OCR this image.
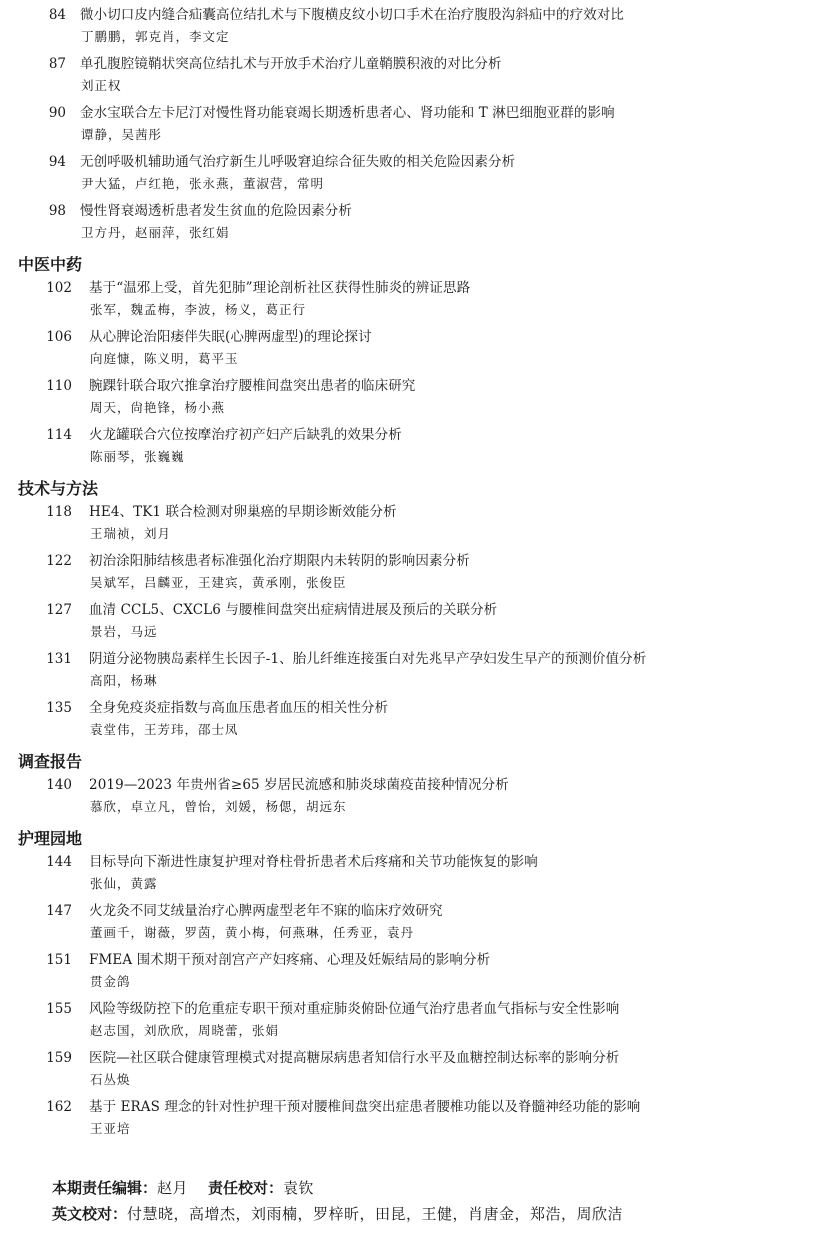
84 微小切口皮内缝合疝囊高位结扎术与下腹横皮纹小切口手术在治疗腹股沟斜疝中的疗效对比
丁鹏鹏，郭克肖，李文定
87 单孔腹腔镜鞘状突高位结扎术与开放手术治疗儿童鞘膜积液的对比分析
刘正权
90 金水宝联合左卡尼汀对慢性肾功能衰竭长期透析患者心、肾功能和 T 淋巴细胞亚群的影响
谭静，吴茜彤
94 无创呼吸机辅助通气治疗新生儿呼吸窘迫综合征失败的相关危险因素分析
尹大猛，卢红艳，张永燕，董淑营，常明
98 慢性肾衰竭透析患者发生贫血的危险因素分析
卫方丹，赵丽萍，张红娟
中医中药
102 基于“温邪上受，首先犯肺”理论剖析社区获得性肺炎的辨证思路
张军，魏孟梅，李波，杨义，葛正行
106 从心脾论治阳痿伴失眠(心脾两虚型)的理论探讨
向庭慷，陈义明，葛平玉
110 腕踝针联合取穴推拿治疗腰椎间盘突出患者的临床研究
周天，尙艳锋，杨小燕
114 火龙罐联合穴位按摩治疗初产妇产后缺乳的效果分析
陈丽琴，张巍巍
技术与方法
118 HE4、TK1 联合检测对卵巢癌的早期诊断效能分析
王瑞祯，刘月
122 初治涂阳肺结核患者标准强化治疗期限内未转阴的影响因素分析
吴斌军，吕麟亚，王建宾，黄承刚，张俊臣
127 血清 CCL5、CXCL6 与腰椎间盘突出症病情进展及预后的关联分析
景岩，马远
131 阴道分泌物胰岛素样生长因子-1、胎儿纤维连接蛋白对先兆早产孕妇发生早产的预测价值分析
高阳，杨琳
135 全身免疫炎症指数与高血压患者血压的相关性分析
袁堂伟，王芳玮，邵士凤
调查报告
140 2019—2023 年贵州省≥65 岁居民流感和肺炎球菌疫苗接种情况分析
慕欣，卓立凡，曾怡，刘媛，杨偲，胡远东
护理园地
144 目标导向下渐进性康复护理对脊柱骨折患者术后疼痛和关节功能恢复的影响
张仙，黄露
147 火龙灸不同艾绒量治疗心脾两虚型老年不寐的临床疗效研究
董画千，谢薇，罗茵，黄小梅，何燕琳，任秀亚，袁丹
151 FMEA 围术期干预对剖宫产产妇疼痛、心理及妊娠结局的影响分析
贯金鸽
155 风险等级防控下的危重症专职干预对重症肺炎俯卧位通气治疗患者血气指标与安全性影响
赵志国，刘欣欣，周晓蕾，张娟
159 医院—社区联合健康管理模式对提高糖尿病患者知信行水平及血糖控制达标率的影响分析
石丛焕
162 基于 ERAS 理念的针对性护理干预对腰椎间盘突出症患者腰椎功能以及脊髓神经功能的影响
王亚培
本期责任编辑：赵月 责任校对：袁钦
英文校对：付慧晓，高增杰，刘雨楠，罗梓昕，田昆，王健，肖唐金，郑浩，周欣洁
